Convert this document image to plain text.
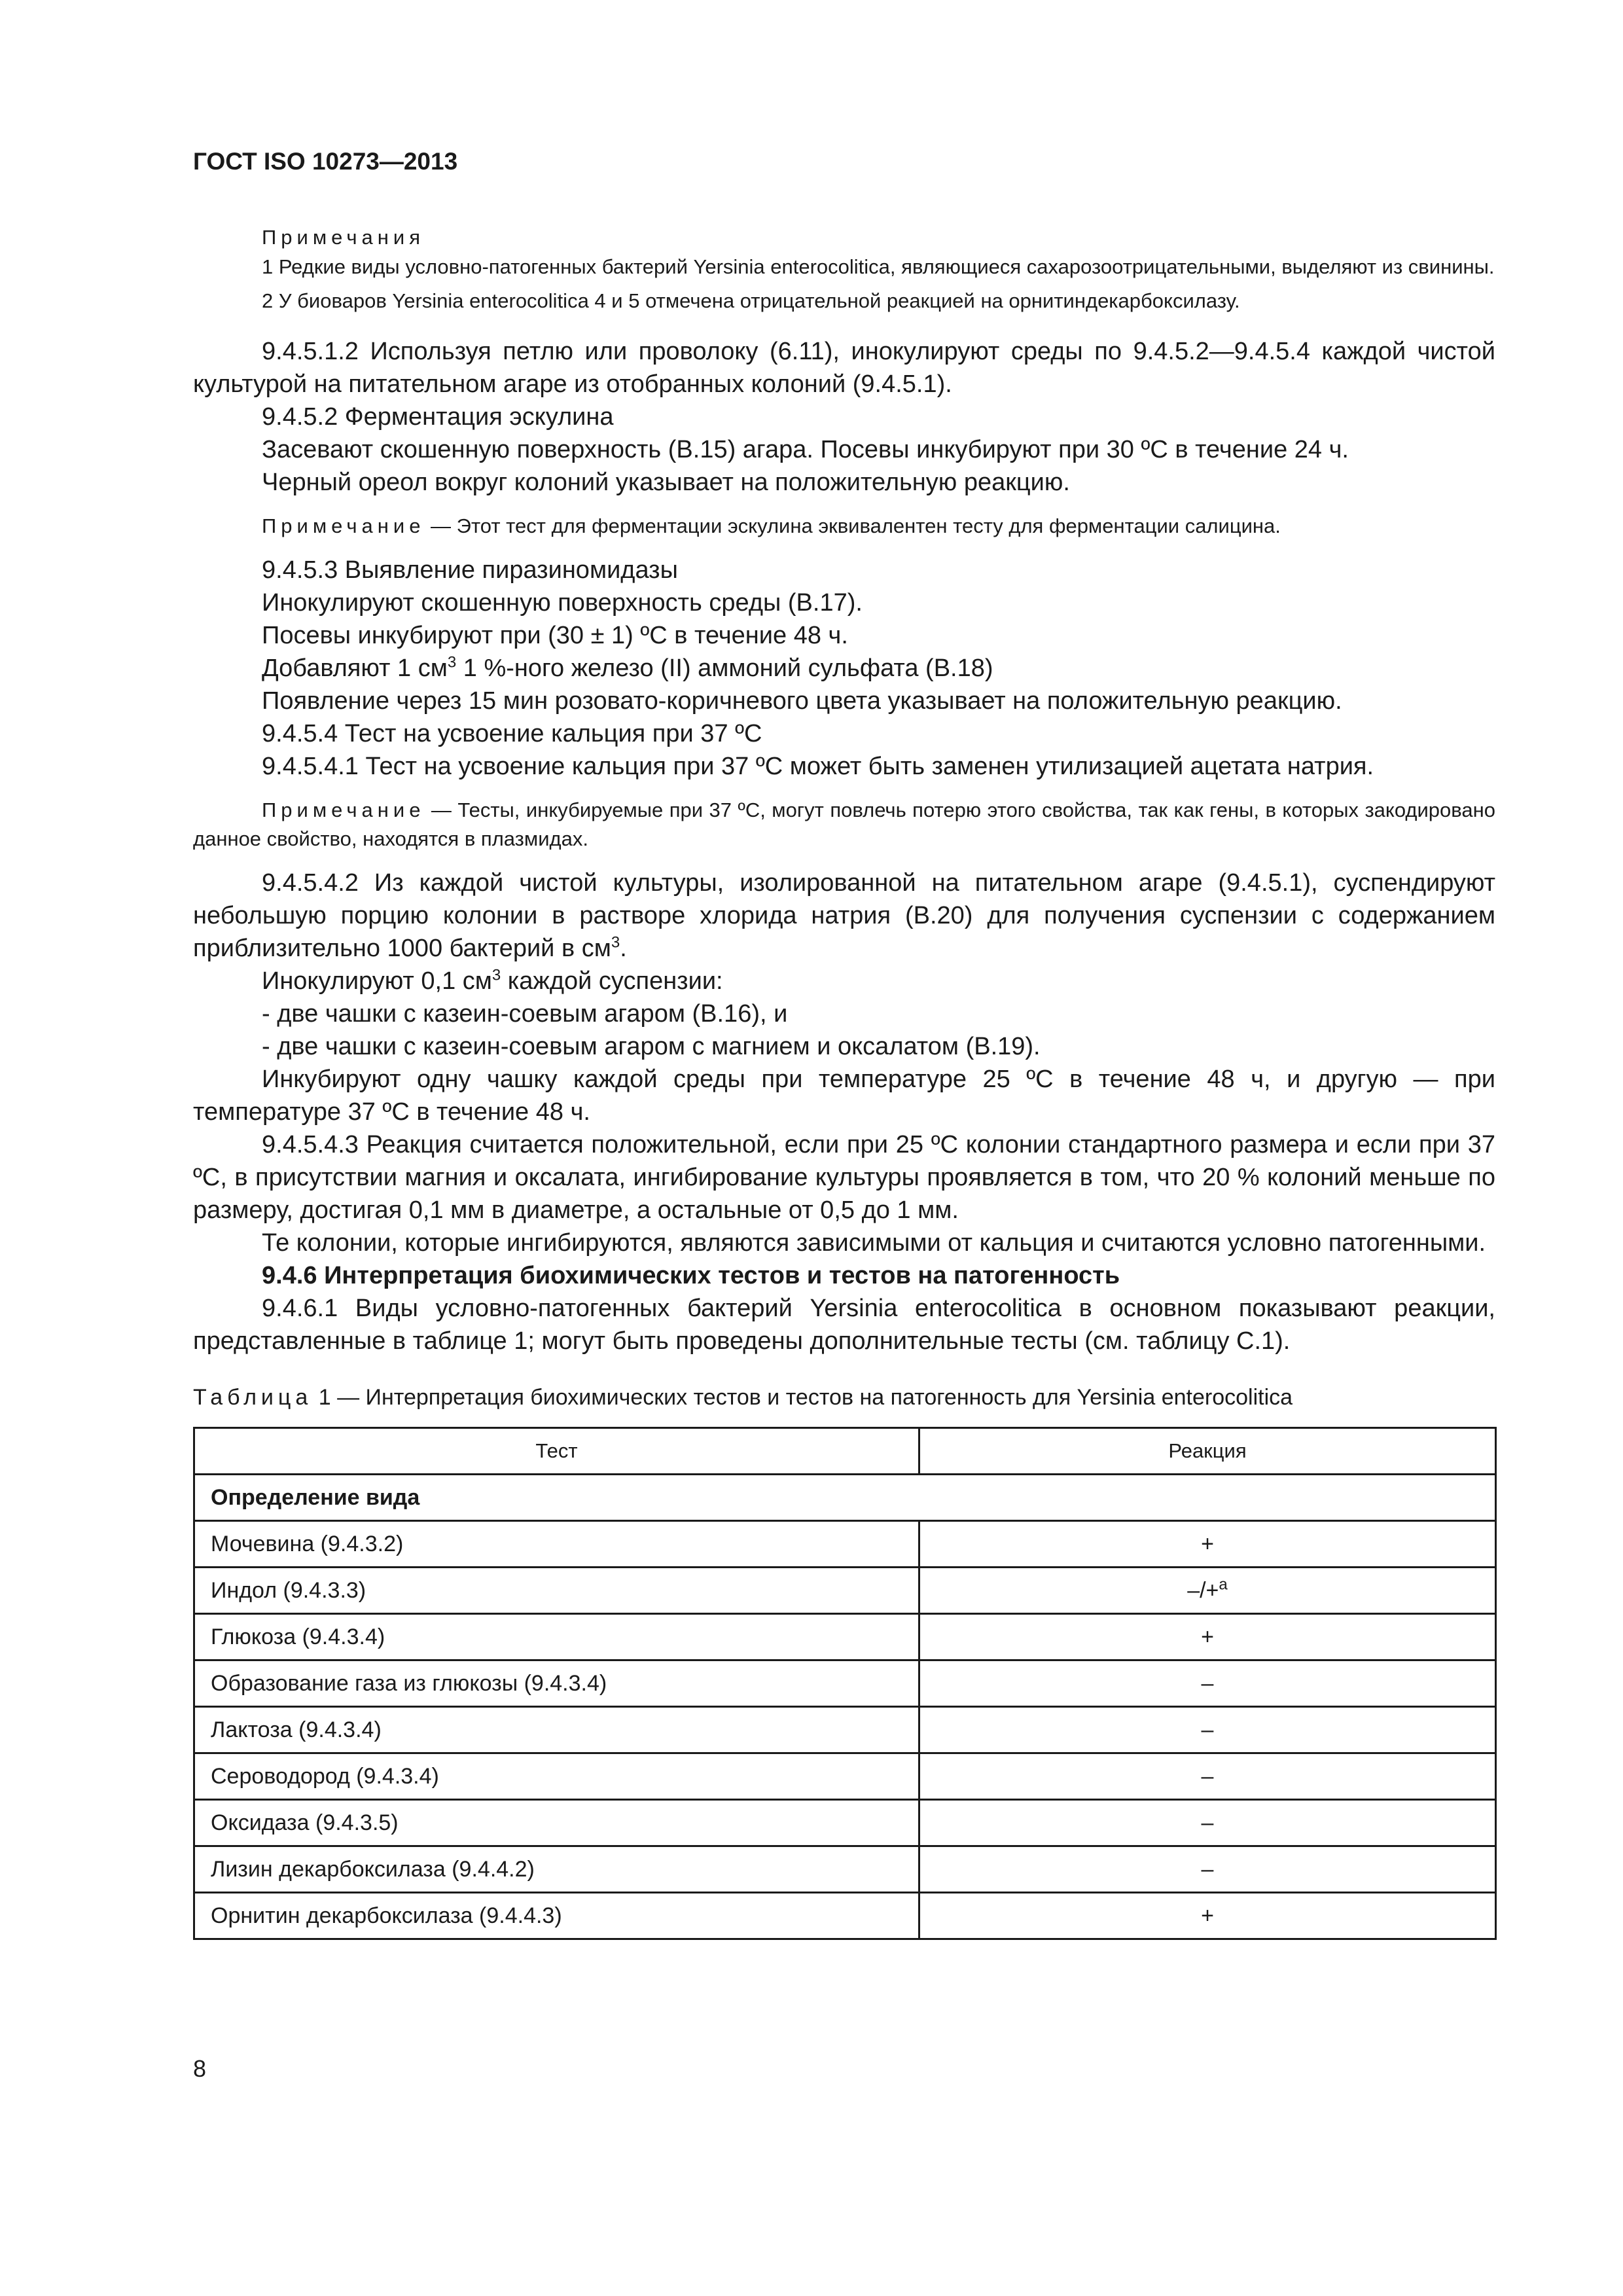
ГОСТ ISO 10273—2013
Примечания
1 Редкие виды условно-патогенных бактерий Yersinia enterocolitica, являющиеся сахарозоотрицательными, выделяют из свинины.
2 У биоваров Yersinia enterocolitica 4 и 5 отмечена отрицательной реакцией на орнитиндекарбоксилазу.

9.4.5.1.2 Используя петлю или проволоку (6.11), инокулируют среды по 9.4.5.2—9.4.5.4 каждой чистой культурой на питательном агаре из отобранных колоний (9.4.5.1).

9.4.5.2 Ферментация эскулина

Засевают скошенную поверхность (B.15) агара. Посевы инкубируют при 30 ºС в течение 24 ч.

Черный ореол вокруг колоний указывает на положительную реакцию.

Примечание — Этот тест для ферментации эскулина эквивалентен тесту для ферментации салицина.

9.4.5.3 Выявление пиразиномидазы

Инокулируют скошенную поверхность среды (B.17).

Посевы инкубируют при (30 ± 1) ºС в течение 48 ч.

Добавляют 1 $см^3$ 1 %-ного железо (II) аммоний сульфата (B.18)

Появление через 15 мин розовато-коричневого цвета указывает на положительную реакцию.

9.4.5.4 Тест на усвоение кальция при 37 ºС

9.4.5.4.1 Тест на усвоение кальция при 37 ºС может быть заменен утилизацией ацетата натрия.

Примечание — Тесты, инкубируемые при 37 ºС, могут повлечь потерю этого свойства, так как гены, в которых закодировано данное свойство, находятся в плазмидах.

9.4.5.4.2 Из каждой чистой культуры, изолированной на питательном агаре (9.4.5.1), суспендируют небольшую порцию колонии в растворе хлорида натрия (B.20) для получения суспензии с содержанием приблизительно 1000 бактерий в $см^3$.

Инокулируют 0,1 $см^3$ каждой суспензии:

- две чашки с казеин-соевым агаром (B.16), и

- две чашки с казеин-соевым агаром с магнием и оксалатом (B.19).

Инкубируют одну чашку каждой среды при температуре 25 ºС в течение 48 ч, и другую — при температуре 37 ºС в течение 48 ч.

9.4.5.4.3 Реакция считается положительной, если при 25 ºС колонии стандартного размера и если при 37 ºС, в присутствии магния и оксалата, ингибирование культуры проявляется в том, что 20 % колоний меньше по размеру, достигая 0,1 мм в диаметре, а остальные от 0,5 до 1 мм.

Те колонии, которые ингибируются, являются зависимыми от кальция и считаются условно патогенными.

9.4.6 Интерпретация биохимических тестов и тестов на патогенность

9.4.6.1 Виды условно-патогенных бактерий Yersinia enterocolitica в основном показывают реакции, представленные в таблице 1; могут быть проведены дополнительные тесты (см. таблицу С.1).

Таблица 1 — Интерпретация биохимических тестов и тестов на патогенность для Yersinia enterocolitica
Тест	Реакция
Определение вида	
Мочевина (9.4.3.2)	+
Индол (9.4.3.3)	–/+$^a$
Глюкоза (9.4.3.4)	+
Образование газа из глюкозы (9.4.3.4)	–
Лактоза (9.4.3.4)	–
Сероводород (9.4.3.4)	–
Оксидаза (9.4.3.5)	–
Лизин декарбоксилаза (9.4.4.2)	–
Орнитин декарбоксилаза (9.4.4.3)	+
8
